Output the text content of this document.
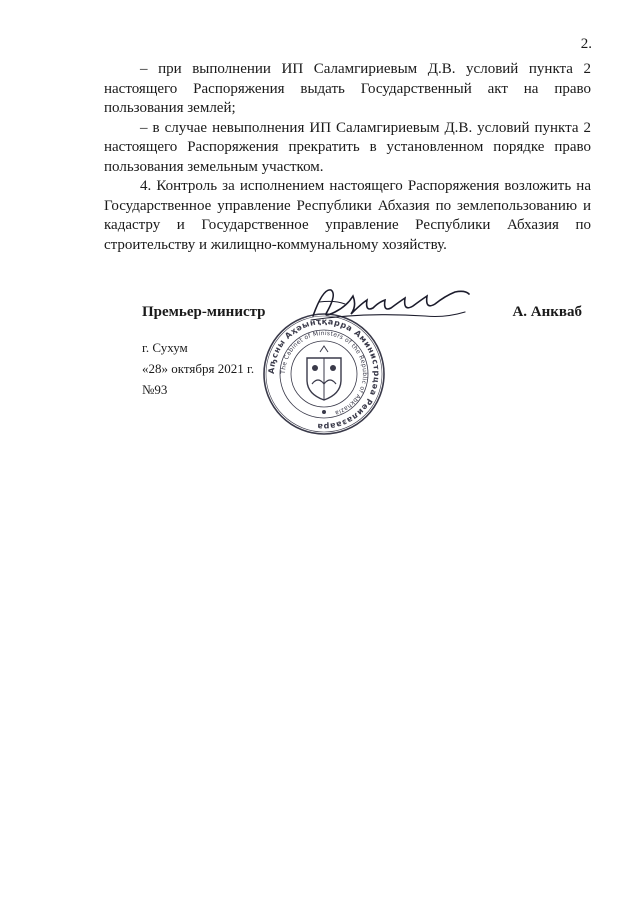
2.

– при выполнении ИП Саламгириевым Д.В. условий пункта 2 настоящего Распоряжения выдать Государственный акт на право пользования землей;

– в случае невыполнения ИП Саламгириевым Д.В. условий пункта 2 настоящего Распоряжения прекратить в установленном порядке право пользования земельным участком.

4. Контроль за исполнением настоящего Распоряжения возложить на Государственное управление Республики Абхазия по землепользованию и кадастру и Государственное управление Республики Абхазия по строительству и жилищно-коммунальному хозяйству.

Премьер-министр	А. Анкваб
Аҧсны Аҳәынҭқарра Аминистрцәа Реилазаара
The Cabinet of Ministers of the Republic of Abkhazia
г. Сухум
«28» октября 2021 г.
№93
